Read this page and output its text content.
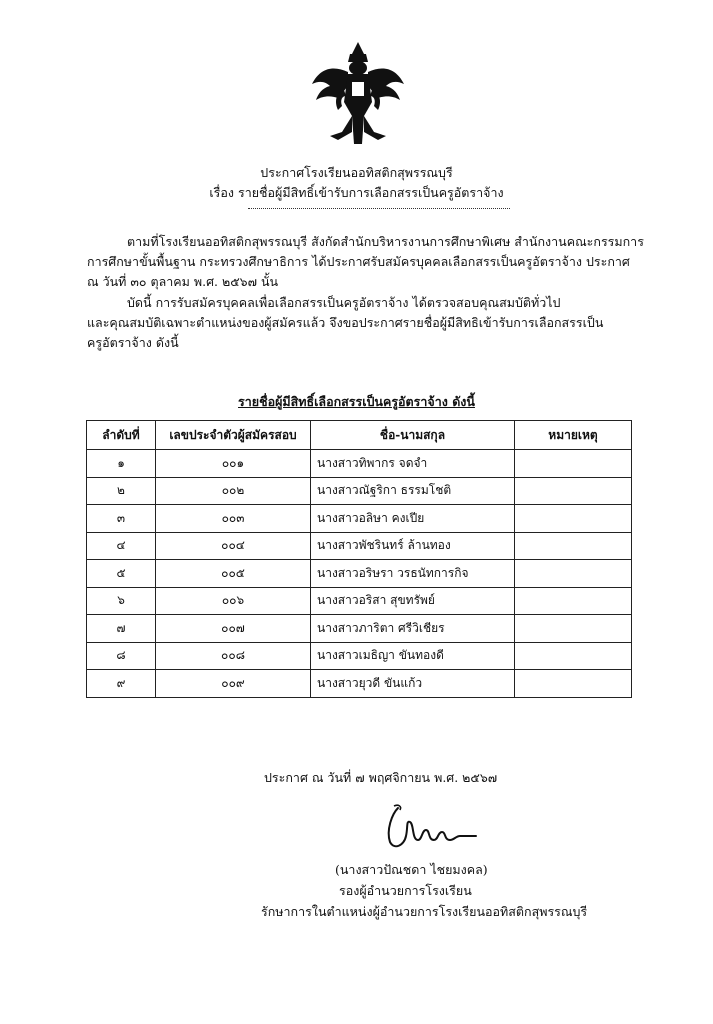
ประกาศโรงเรียนออทิสติกสุพรรณบุรี
เรื่อง รายชื่อผู้มีสิทธิ์เข้ารับการเลือกสรรเป็นครูอัตราจ้าง
ตามที่โรงเรียนออทิสติกสุพรรณบุรี สังกัดสำนักบริหารงานการศึกษาพิเศษ สำนักงานคณะกรรมการ
การศึกษาขั้นพื้นฐาน กระทรวงศึกษาธิการ ได้ประกาศรับสมัครบุคคลเลือกสรรเป็นครูอัตราจ้าง ประกาศ
ณ วันที่ ๓๐ ตุลาคม พ.ศ. ๒๕๖๗ นั้น
บัดนี้ การรับสมัครบุคคลเพื่อเลือกสรรเป็นครูอัตราจ้าง ได้ตรวจสอบคุณสมบัติทั่วไป
และคุณสมบัติเฉพาะตำแหน่งของผู้สมัครแล้ว จึงขอประกาศรายชื่อผู้มีสิทธิเข้ารับการเลือกสรรเป็น
ครูอัตราจ้าง ดังนี้
รายชื่อผู้มีสิทธิ์เลือกสรรเป็นครูอัตราจ้าง ดังนี้
ลำดับที่	เลขประจำตัวผู้สมัครสอบ	ชื่อ-นามสกุล	หมายเหตุ
๑	๐๐๑	นางสาวทิพากร จดจำ	
๒	๐๐๒	นางสาวณัฐริกา ธรรมโชติ	
๓	๐๐๓	นางสาวอลิษา คงเปีย	
๔	๐๐๔	นางสาวพัชรินทร์ ล้านทอง	
๕	๐๐๕	นางสาวอริษรา วรธนัทการกิจ	
๖	๐๐๖	นางสาวอริสา สุขทรัพย์	
๗	๐๐๗	นางสาวภาริตา ศรีวิเชียร	
๘	๐๐๘	นางสาวเมธิญา ขันทองดี	
๙	๐๐๙	นางสาวยุวดี ขันแก้ว	
ประกาศ ณ วันที่ ๗ พฤศจิกายน พ.ศ. ๒๕๖๗
(นางสาวปัณชดา ไชยมงคล)
รองผู้อำนวยการโรงเรียน
รักษาการในตำแหน่งผู้อำนวยการโรงเรียนออทิสติกสุพรรณบุรี
